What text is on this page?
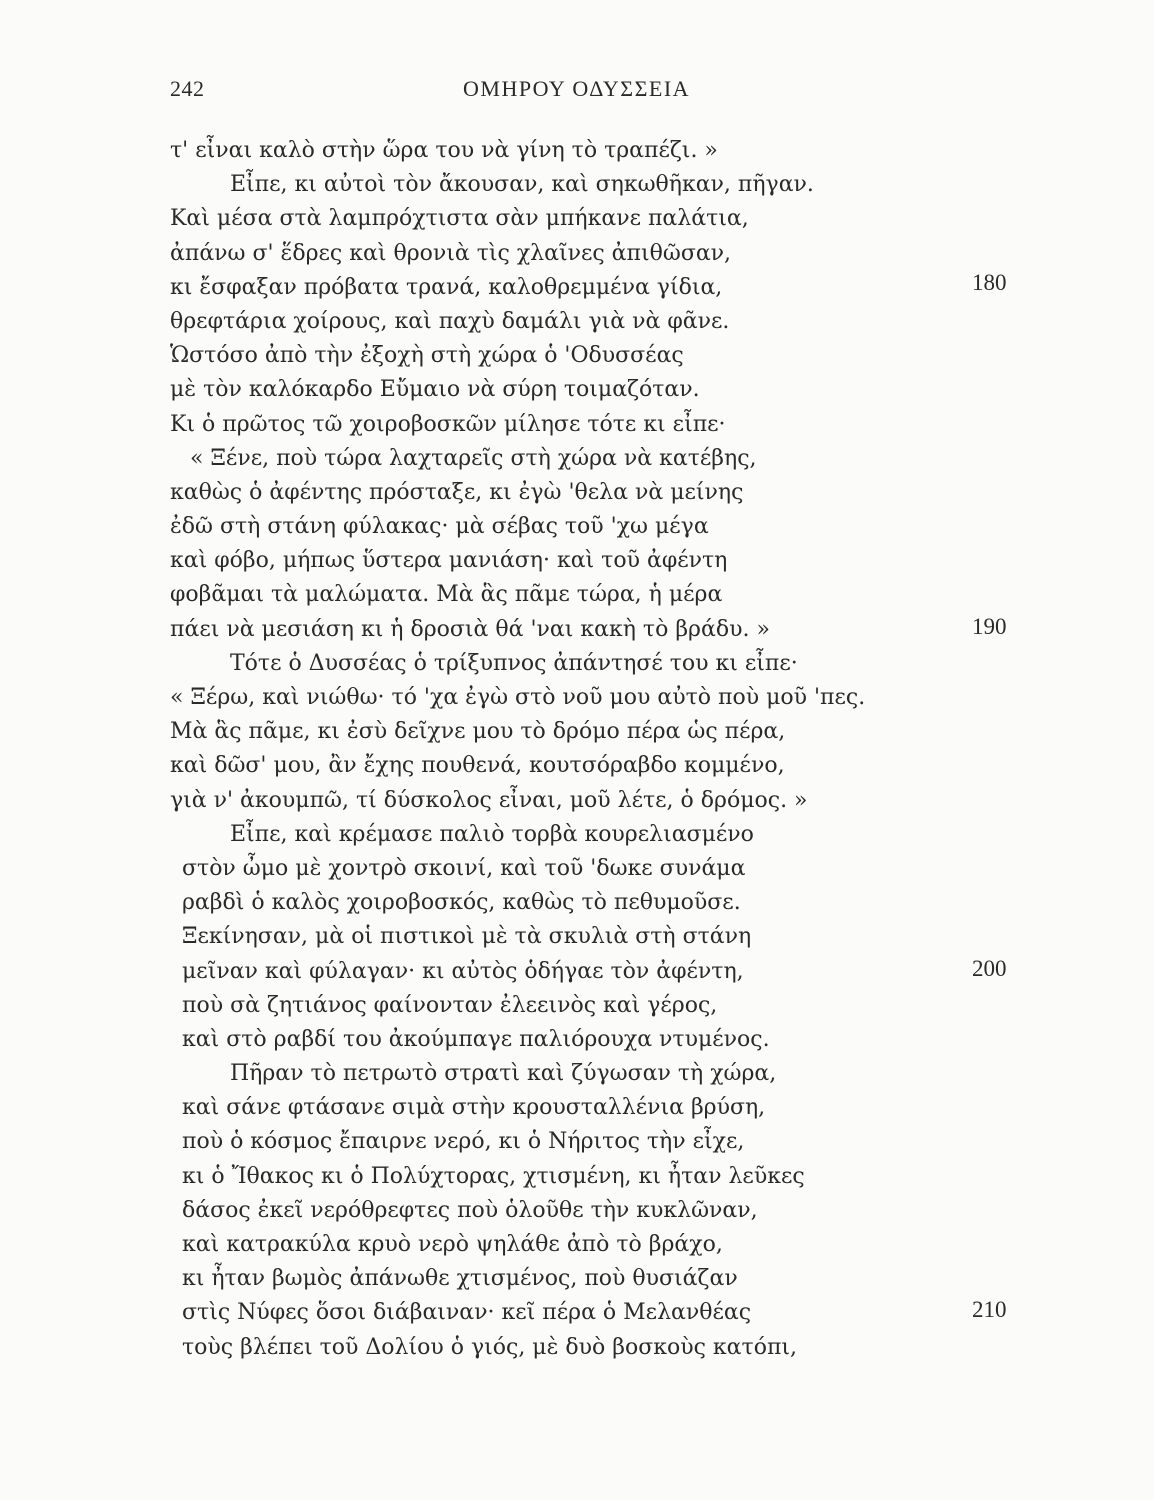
242	ΟΜΗΡΟΥ ΟΔΥΣΣΕΙΑ
τ' εἶναι καλὸ στὴν ὥρα του νὰ γίνη τὸ τραπέζι. »
Εἶπε, κι αὐτοὶ τὸν ἄκουσαν, καὶ σηκωθῆκαν, πῆγαν.
Καὶ μέσα στὰ λαμπρόχτιστα σὰν μπήκανε παλάτια,
ἀπάνω σ' ἕδρες καὶ θρονιὰ τὶς χλαῖνες ἀπιθῶσαν,
κι ἔσφαξαν πρόβατα τρανά, καλοθρεμμένα γίδια,
θρεφτάρια χοίρους, καὶ παχὺ δαμάλι γιὰ νὰ φᾶνε.
Ὡστόσο ἀπὸ τὴν ἐξοχὴ στὴ χώρα ὁ 'Οδυσσέας
μὲ τὸν καλόκαρδο Εὔμαιο νὰ σύρη τοιμαζόταν.
Κι ὁ πρῶτος τῶ χοιροβοσκῶν μίλησε τότε κι εἶπε·
« Ξένε, ποὺ τώρα λαχταρεῖς στὴ χώρα νὰ κατέβης,
καθὼς ὁ ἀφέντης πρόσταξε, κι ἐγὼ 'θελα νὰ μείνης
ἐδῶ στὴ στάνη φύλακας· μὰ σέβας τοῦ 'χω μέγα
καὶ φόβο, μήπως ὕστερα μανιάση· καὶ τοῦ ἀφέντη
φοβᾶμαι τὰ μαλώματα. Μὰ ἃς πᾶμε τώρα, ἡ μέρα
πάει νὰ μεσιάση κι ἡ δροσιὰ θά 'ναι κακὴ τὸ βράδυ. »
Τότε ὁ Δυσσέας ὁ τρίξυπνος ἀπάντησέ του κι εἶπε·
« Ξέρω, καὶ νιώθω· τό 'χα ἐγὼ στὸ νοῦ μου αὐτὸ ποὺ μοῦ 'πες.
Μὰ ἃς πᾶμε, κι ἐσὺ δεῖχνε μου τὸ δρόμο πέρα ὡς πέρα,
καὶ δῶσ' μου, ἂν ἔχης πουθενά, κουτσόραβδο κομμένο,
γιὰ ν' ἀκουμπῶ, τί δύσκολος εἶναι, μοῦ λέτε, ὁ δρόμος. »
Εἶπε, καὶ κρέμασε παλιὸ τορβὰ κουρελιασμένο
στὸν ὦμο μὲ χοντρὸ σκοινί, καὶ τοῦ 'δωκε συνάμα
ραβδὶ ὁ καλὸς χοιροβοσκός, καθὼς τὸ πεθυμοῦσε.
Ξεκίνησαν, μὰ οἱ πιστικοὶ μὲ τὰ σκυλιὰ στὴ στάνη
μεῖναν καὶ φύλαγαν· κι αὐτὸς ὁδήγαε τὸν ἀφέντη,
ποὺ σὰ ζητιάνος φαίνονταν ἐλεεινὸς καὶ γέρος,
καὶ στὸ ραβδί του ἀκούμπαγε παλιόρουχα ντυμένος.
Πῆραν τὸ πετρωτὸ στρατὶ καὶ ζύγωσαν τὴ χώρα,
καὶ σάνε φτάσανε σιμὰ στὴν κρουσταλλένια βρύση,
ποὺ ὁ κόσμος ἔπαιρνε νερό, κι ὁ Νήριτος τὴν εἶχε,
κι ὁ Ἴθακος κι ὁ Πολύχτορας, χτισμένη, κι ἦταν λεῦκες
δάσος ἐκεῖ νερόθρεφτες ποὺ ὁλοῦθε τὴν κυκλῶναν,
καὶ κατρακύλα κρυὸ νερὸ ψηλάθε ἀπὸ τὸ βράχο,
κι ἦταν βωμὸς ἀπάνωθε χτισμένος, ποὺ θυσιάζαν
στὶς Νύφες ὅσοι διάβαιναν· κεῖ πέρα ὁ Μελανθέας
τοὺς βλέπει τοῦ Δολίου ὁ γιός, μὲ δυὸ βοσκοὺς κατόπι,
180
190
200
210
